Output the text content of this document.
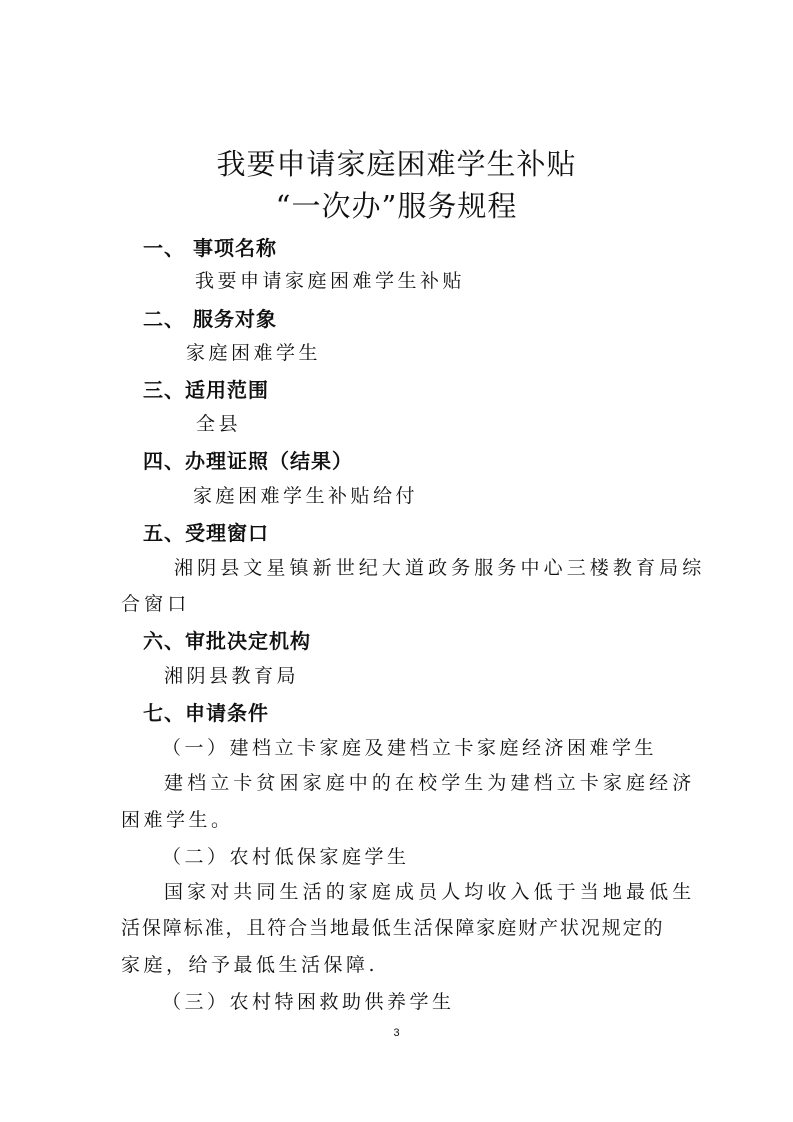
我要申请家庭困难学生补贴
“一次办”服务规程
一、 事项名称
我要申请家庭困难学生补贴
二、 服务对象
家庭困难学生
三、适用范围
全县
四、办理证照（结果）
家庭困难学生补贴给付
五、受理窗口
湘阴县文星镇新世纪大道政务服务中心三楼教育局综
合窗口
六、审批决定机构
湘阴县教育局
七、申请条件
（一）建档立卡家庭及建档立卡家庭经济困难学生
建档立卡贫困家庭中的在校学生为建档立卡家庭经济
困难学生。
（二）农村低保家庭学生
国家对共同生活的家庭成员人均收入低于当地最低生
活保障标准，且符合当地最低生活保障家庭财产状况规定的
家庭，给予最低生活保障.
（三）农村特困救助供养学生
3
